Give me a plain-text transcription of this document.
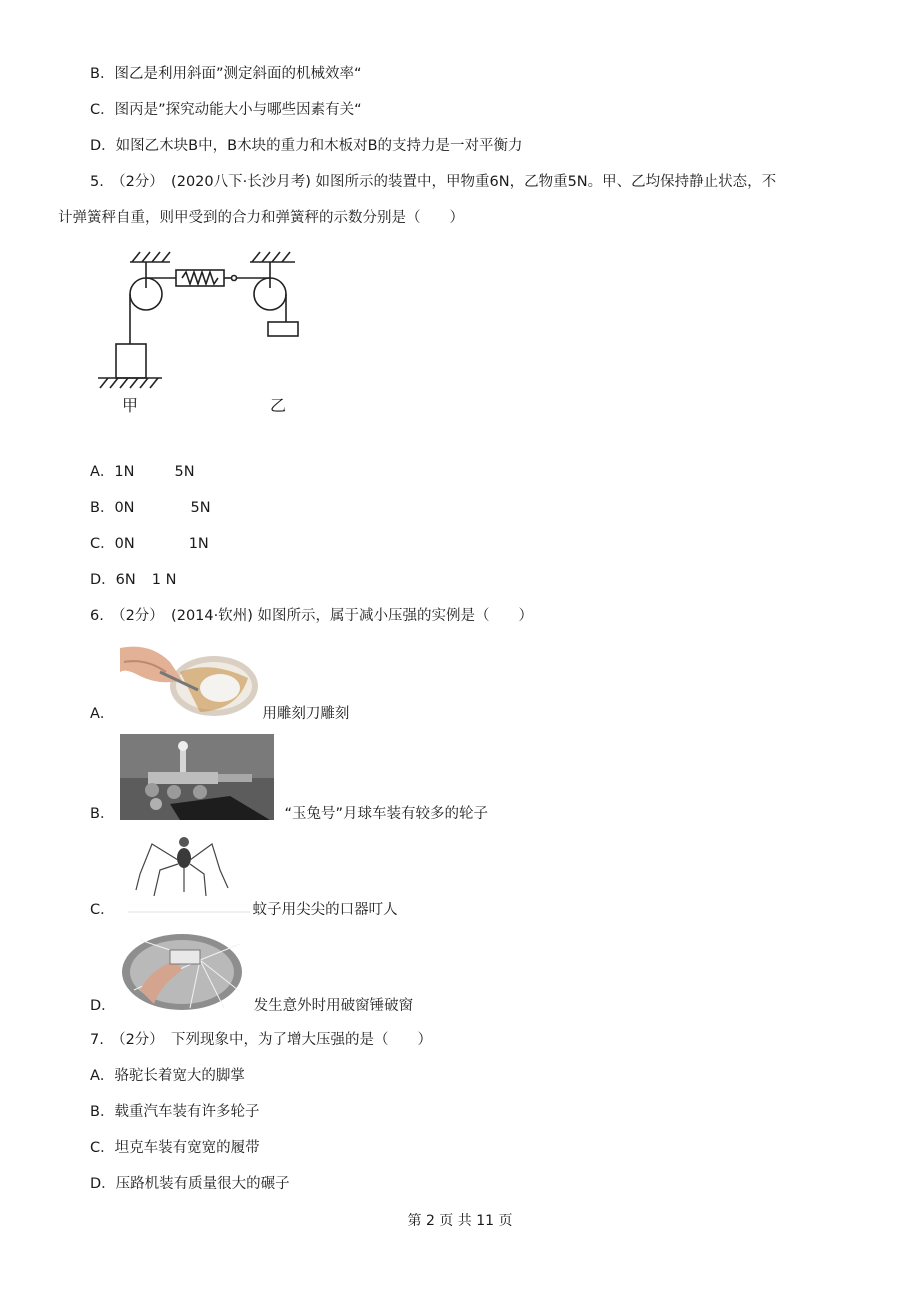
B．图乙是利用斜面”测定斜面的机械效率“
C．图丙是”探究动能大小与哪些因素有关“
D．如图乙木块B中，B木块的重力和木板对B的支持力是一对平衡力
5.　（2分）　(2020八下·长沙月考) 如图所示的装置中，甲物重6N，乙物重5N。甲、乙均保持静止状态，不
计弹簧秤自重，则甲受到的合力和弹簧秤的示数分别是（　　）
甲	乙
A．1N	5N
B．0N	5N
C．0N	1N
D．6N 1 N
6.　（2分）　(2014·钦州) 如图所示，属于减小压强的实例是（　　）
A．	用雕刻刀雕刻
B．	“玉兔号”月球车装有较多的轮子
C．	蚊子用尖尖的口器叮人
D．	发生意外时用破窗锤破窗
7.　（2分）　下列现象中，为了增大压强的是（　　）
A．骆驼长着宽大的脚掌
B．载重汽车装有许多轮子
C．坦克车装有宽宽的履带
D．压路机装有质量很大的碾子
第 2 页 共 11 页
